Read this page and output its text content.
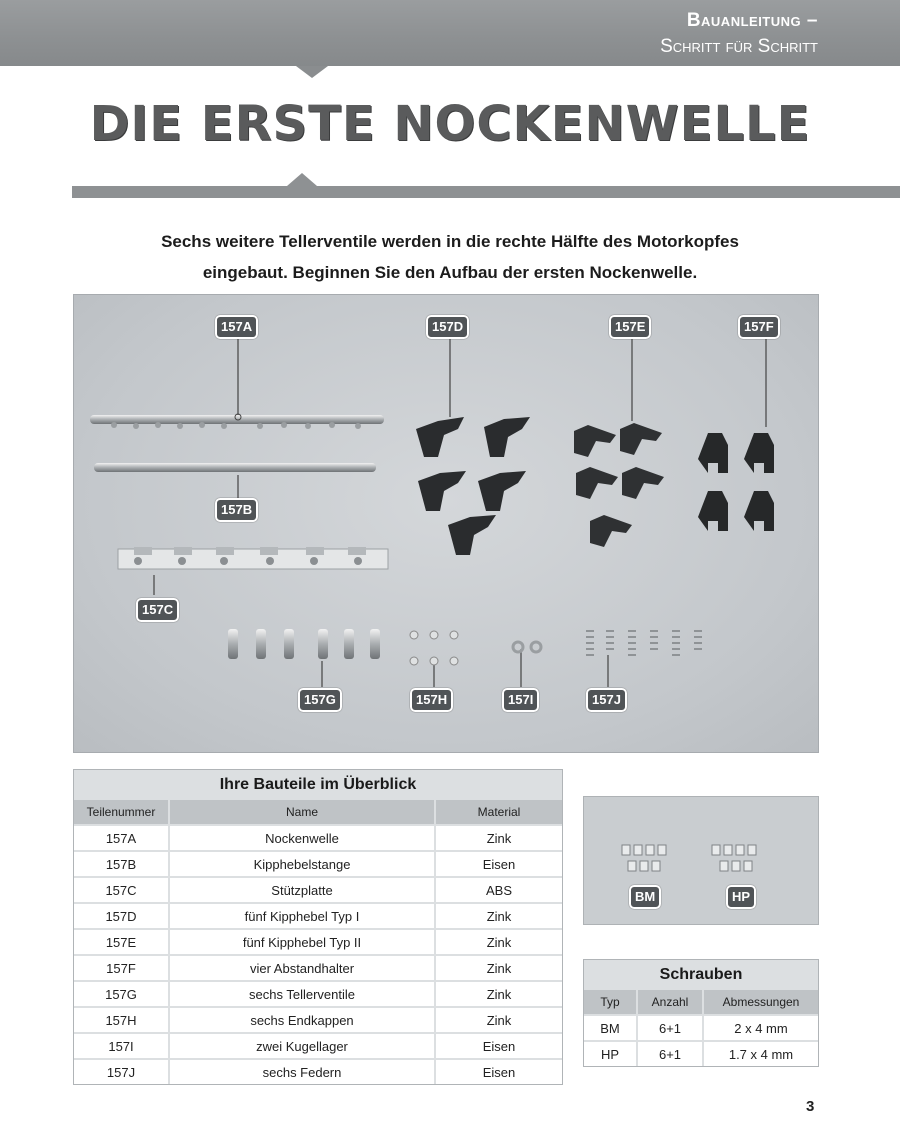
Bauanleitung –
Schritt für Schritt
DIE ERSTE NOCKENWELLE
Sechs weitere Tellerventile werden in die rechte Hälfte des Motorkopfes
eingebaut. Beginnen Sie den Aufbau der ersten Nockenwelle.
157A
157B
157C
157D	157E	157F
157G	157H	157I	157J
Ihre Bauteile im Überblick
Teilenummer	Name	Material
157A	Nockenwelle	Zink
157B	Kipphebelstange	Eisen
157C	Stützplatte	ABS
157D	fünf Kipphebel Typ I	Zink
157E	fünf Kipphebel Typ II	Zink
157F	vier Abstandhalter	Zink
157G	sechs Tellerventile	Zink
157H	sechs Endkappen	Zink
157I	zwei Kugellager	Eisen
157J	sechs Federn	Eisen
BM	HP
Schrauben
Typ	Anzahl	Abmessungen
BM	6+1	2 x 4 mm
HP	6+1	1.7 x 4 mm
3
